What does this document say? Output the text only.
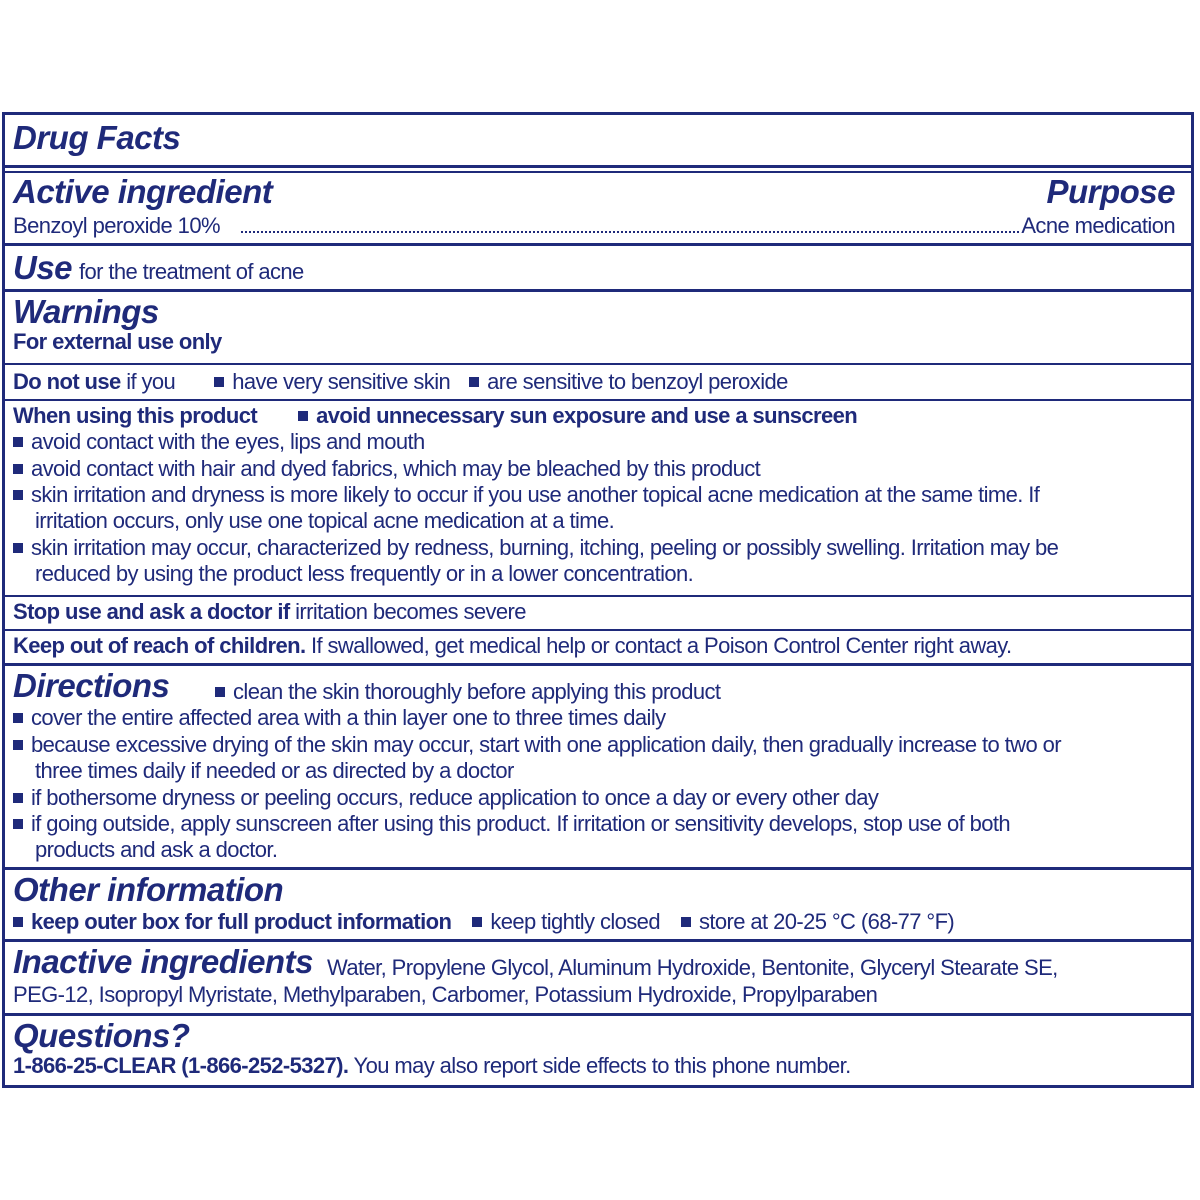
Drug Facts
Active ingredient	Purpose
Benzoyl peroxide 10%	Acne medication
Use for the treatment of acne
Warnings
For external use only
Do not use if you	have very sensitive skin are sensitive to benzoyl peroxide
When using this product	avoid unnecessary sun exposure and use a sunscreen
avoid contact with the eyes, lips and mouth
avoid contact with hair and dyed fabrics, which may be bleached by this product
skin irritation and dryness is more likely to occur if you use another topical acne medication at the same time. If
irritation occurs, only use one topical acne medication at a time.
skin irritation may occur, characterized by redness, burning, itching, peeling or possibly swelling. Irritation may be
reduced by using the product less frequently or in a lower concentration.
Stop use and ask a doctor if irritation becomes severe
Keep out of reach of children. If swallowed, get medical help or contact a Poison Control Center right away.
Directions	clean the skin thoroughly before applying this product
cover the entire affected area with a thin layer one to three times daily
because excessive drying of the skin may occur, start with one application daily, then gradually increase to two or
three times daily if needed or as directed by a doctor
if bothersome dryness or peeling occurs, reduce application to once a day or every other day
if going outside, apply sunscreen after using this product. If irritation or sensitivity develops, stop use of both
products and ask a doctor.
Other information
keep outer box for full product information keep tightly closed store at 20-25 °C (68-77 °F)
Inactive ingredients Water, Propylene Glycol, Aluminum Hydroxide, Bentonite, Glyceryl Stearate SE,
PEG-12, Isopropyl Myristate, Methylparaben, Carbomer, Potassium Hydroxide, Propylparaben
Questions?
1-866-25-CLEAR (1-866-252-5327). You may also report side effects to this phone number.
